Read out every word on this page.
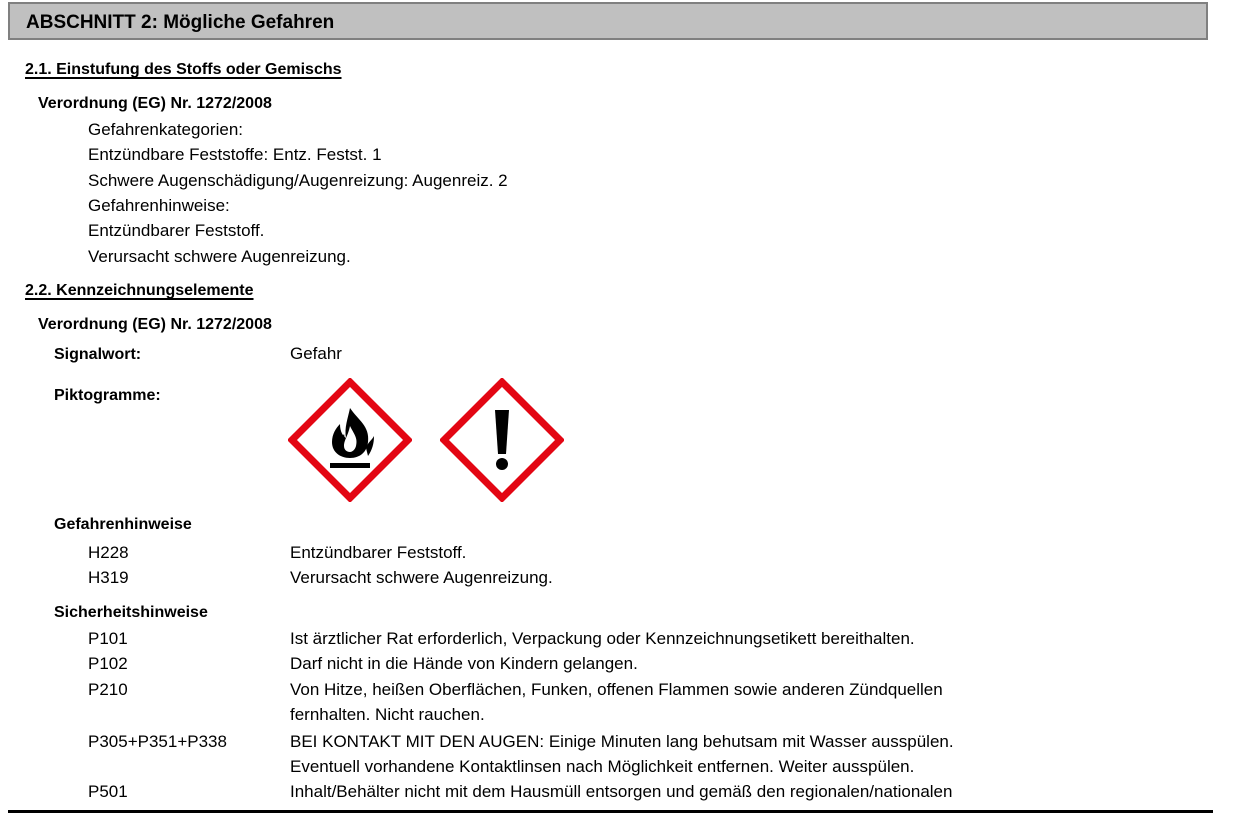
ABSCHNITT 2: Mögliche Gefahren
2.1. Einstufung des Stoffs oder Gemischs
Verordnung (EG) Nr. 1272/2008
Gefahrenkategorien:
Entzündbare Feststoffe: Entz. Festst. 1
Schwere Augenschädigung/Augenreizung: Augenreiz. 2
Gefahrenhinweise:
Entzündbarer Feststoff.
Verursacht schwere Augenreizung.
2.2. Kennzeichnungselemente
Verordnung (EG) Nr. 1272/2008
Signalwort:	Gefahr
Piktogramme:
Gefahrenhinweise
H228	Entzündbarer Feststoff.
H319	Verursacht schwere Augenreizung.
Sicherheitshinweise
P101	Ist ärztlicher Rat erforderlich, Verpackung oder Kennzeichnungsetikett bereithalten.
P102	Darf nicht in die Hände von Kindern gelangen.
P210	Von Hitze, heißen Oberflächen, Funken, offenen Flammen sowie anderen Zündquellen
fernhalten. Nicht rauchen.
P305+P351+P338	BEI KONTAKT MIT DEN AUGEN: Einige Minuten lang behutsam mit Wasser ausspülen.
Eventuell vorhandene Kontaktlinsen nach Möglichkeit entfernen. Weiter ausspülen.
P501	Inhalt/Behälter nicht mit dem Hausmüll entsorgen und gemäß den regionalen/nationalen
